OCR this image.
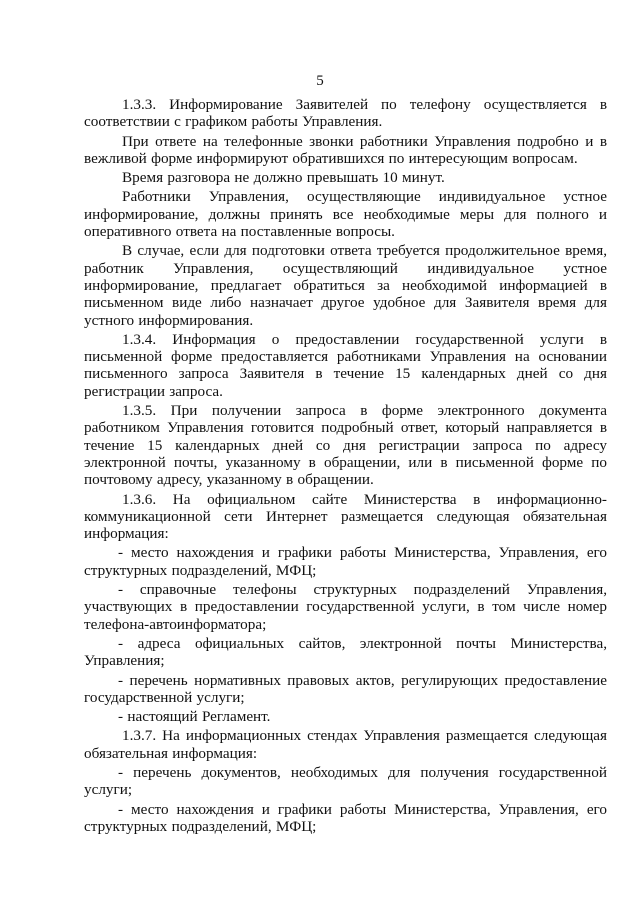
5

1.3.3. Информирование Заявителей по телефону осуществляется в соответствии с графиком работы Управления.

При ответе на телефонные звонки работники Управления подробно и в вежливой форме информируют обратившихся по интересующим вопросам.

Время разговора не должно превышать 10 минут.

Работники Управления, осуществляющие индивидуальное устное информирование, должны принять все необходимые меры для полного и оперативного ответа на поставленные вопросы.

В случае, если для подготовки ответа требуется продолжительное время, работник Управления, осуществляющий индивидуальное устное информирование, предлагает обратиться за необходимой информацией в письменном виде либо назначает другое удобное для Заявителя время для устного информирования.

1.3.4. Информация о предоставлении государственной услуги в письменной форме предоставляется работниками Управления на основании письменного запроса Заявителя в течение 15 календарных дней со дня регистрации запроса.

1.3.5. При получении запроса в форме электронного документа работником Управления готовится подробный ответ, который направляется в течение 15 календарных дней со дня регистрации запроса по адресу электронной почты, указанному в обращении, или в письменной форме по почтовому адресу, указанному в обращении.

1.3.6. На официальном сайте Министерства в информационно-коммуникационной сети Интернет размещается следующая обязательная информация:

- место нахождения и графики работы Министерства, Управления, его структурных подразделений, МФЦ;

- справочные телефоны структурных подразделений Управления, участвующих в предоставлении государственной услуги, в том числе номер телефона-автоинформатора;

- адреса официальных сайтов, электронной почты Министерства, Управления;

- перечень нормативных правовых актов, регулирующих предоставление государственной услуги;

- настоящий Регламент.

1.3.7. На информационных стендах Управления размещается следующая обязательная информация:

- перечень документов, необходимых для получения государственной услуги;

- место нахождения и графики работы Министерства, Управления, его структурных подразделений, МФЦ;
